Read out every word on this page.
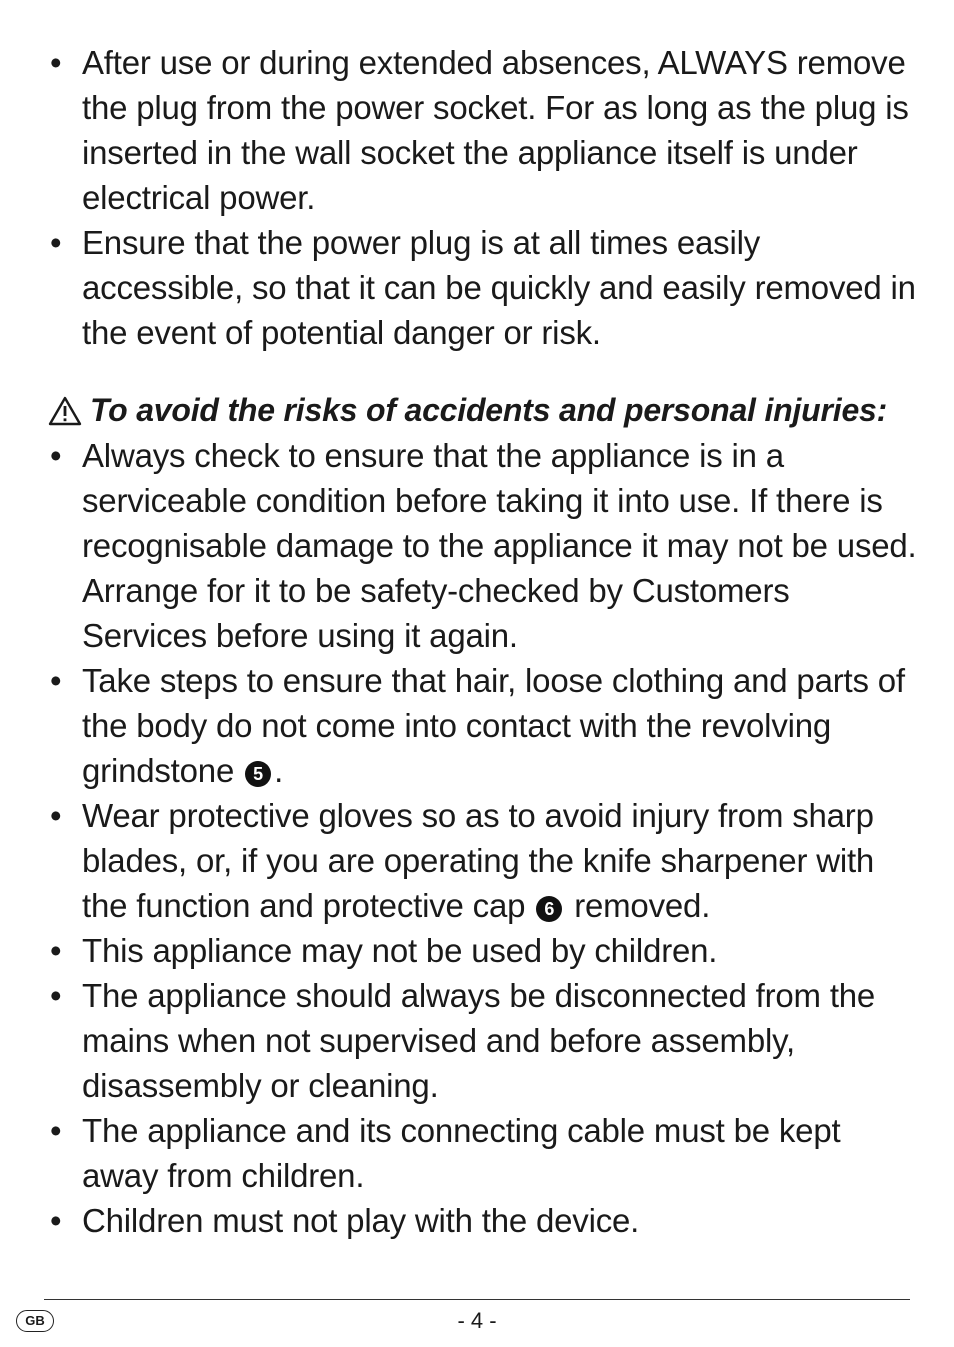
• After use or during extended absences, ALWAYS remove the plug from the power socket. For as long as the plug is inserted in the wall socket the appliance itself is under electrical power.
• Ensure that the power plug is at all times easily accessible, so that it can be quickly and easily removed in the event of potential danger or risk.
To avoid the risks of accidents and personal injuries:
• Always check to ensure that the appliance is in a serviceable condition before taking it into use. If there is recognisable damage to the appliance it may not be used. Arrange for it to be safety-checked by Customers Services before using it again.
• Take steps to ensure that hair, loose clothing and parts of the body do not come into contact with the revolving grindstone 5 .
• Wear protective gloves so as to avoid injury from sharp blades, or, if you are operating the knife sharpener with the function and protective cap 6 removed.
• This appliance may not be used by children.
• The appliance should always be disconnected from the mains when not supervised and before assembly, disassembly or cleaning.
• The appliance and its connecting cable must be kept away from children.
• Children must not play with the device.
GB	- 4 -
